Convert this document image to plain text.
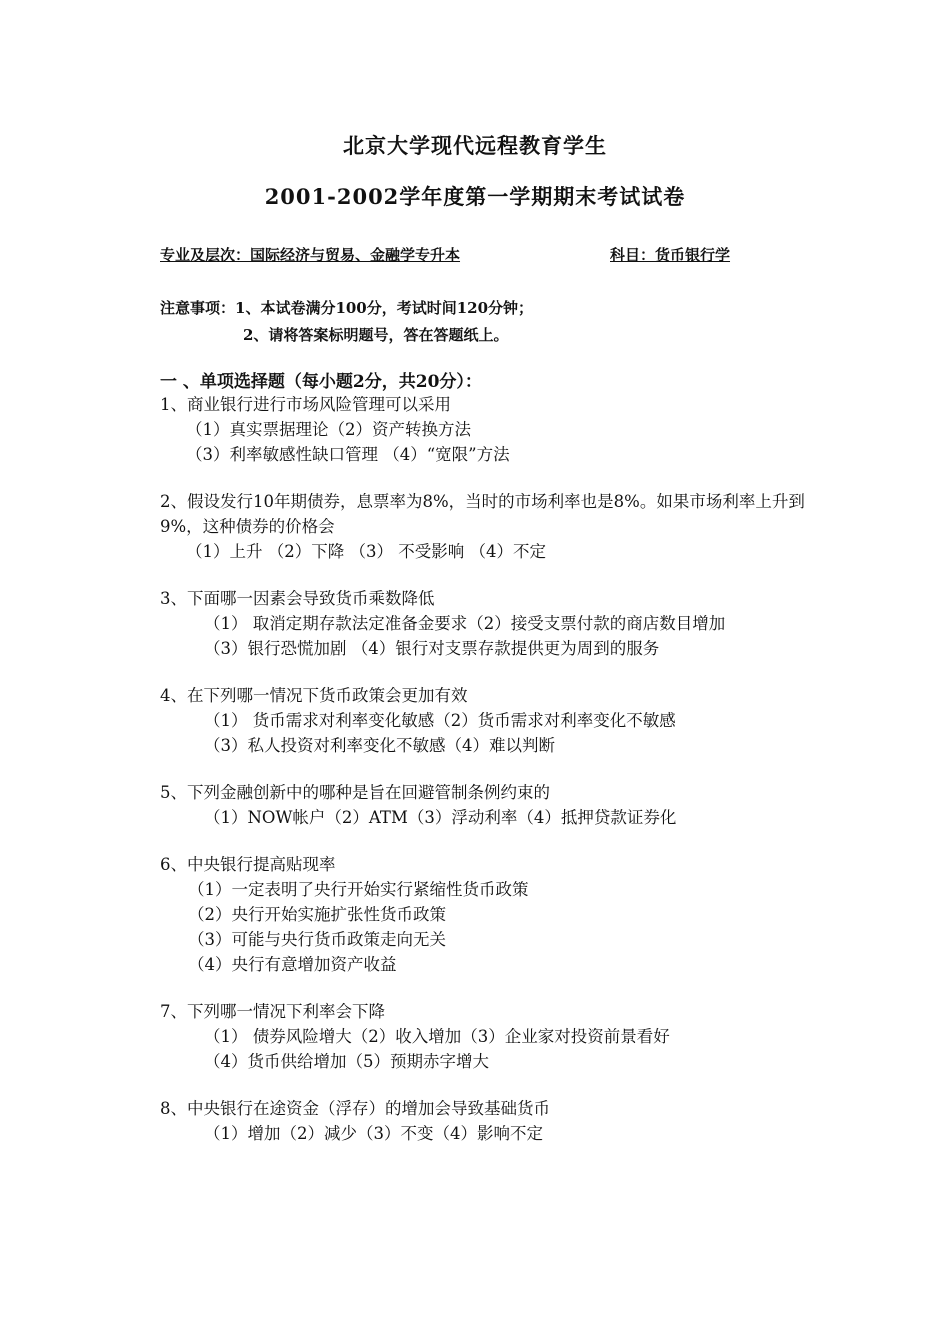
北京大学现代远程教育学生
2001-2002学年度第一学期期末考试试卷
专业及层次：国际经济与贸易、金融学专升本	科目：货币银行学
注意事项：1、本试卷满分100分，考试时间120分钟；
2、请将答案标明题号，答在答题纸上。
一 、单项选择题（每小题2分，共20分）：
1、商业银行进行市场风险管理可以采用
（1）真实票据理论（2）资产转换方法
（3）利率敏感性缺口管理 （4）“宽限”方法
2、假设发行10年期债券，息票率为8%，当时的市场利率也是8%。如果市场利率上升到9%，这种债券的价格会
（1）上升 （2）下降 （3） 不受影响 （4）不定
3、下面哪一因素会导致货币乘数降低
（1） 取消定期存款法定准备金要求（2）接受支票付款的商店数目增加
（3）银行恐慌加剧 （4）银行对支票存款提供更为周到的服务
4、在下列哪一情况下货币政策会更加有效
（1） 货币需求对利率变化敏感（2）货币需求对利率变化不敏感
（3）私人投资对利率变化不敏感（4）难以判断
5、下列金融创新中的哪种是旨在回避管制条例约束的
（1）NOW帐户（2）ATM（3）浮动利率（4）抵押贷款证券化
6、中央银行提高贴现率
（1）一定表明了央行开始实行紧缩性货币政策
（2）央行开始实施扩张性货币政策
（3）可能与央行货币政策走向无关
（4）央行有意增加资产收益
7、下列哪一情况下利率会下降
（1） 债券风险增大（2）收入增加（3）企业家对投资前景看好
（4）货币供给增加（5）预期赤字增大
8、中央银行在途资金（浮存）的增加会导致基础货币
（1）增加（2）减少（3）不变（4）影响不定
